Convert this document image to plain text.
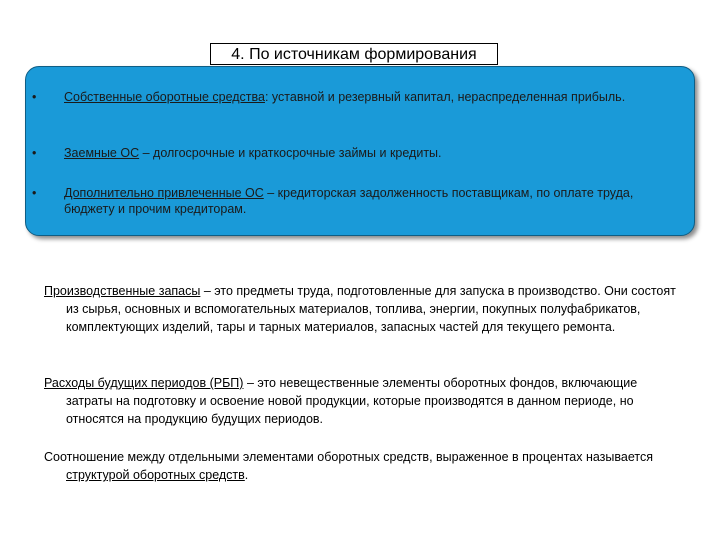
4. По источникам формирования
• Собственные оборотные средства: уставной и резервный капитал, нераспределенная прибыль.
• Заемные ОС – долгосрочные и краткосрочные займы и кредиты.
• Дополнительно привлеченные ОС – кредиторская задолженность поставщикам, по оплате труда, бюджету и прочим кредиторам.
Производственные запасы – это предметы труда, подготовленные для запуска в производство. Они состоят из сырья, основных и вспомогательных материалов, топлива, энергии, покупных полуфабрикатов, комплектующих изделий, тары и тарных материалов, запасных частей для текущего ремонта.
Расходы будущих периодов (РБП) – это невещественные элементы оборотных фондов, включающие затраты на подготовку и освоение новой продукции, которые производятся в данном периоде, но относятся на продукцию будущих периодов.
Соотношение между отдельными элементами оборотных средств, выраженное в процентах называется структурой оборотных средств.
